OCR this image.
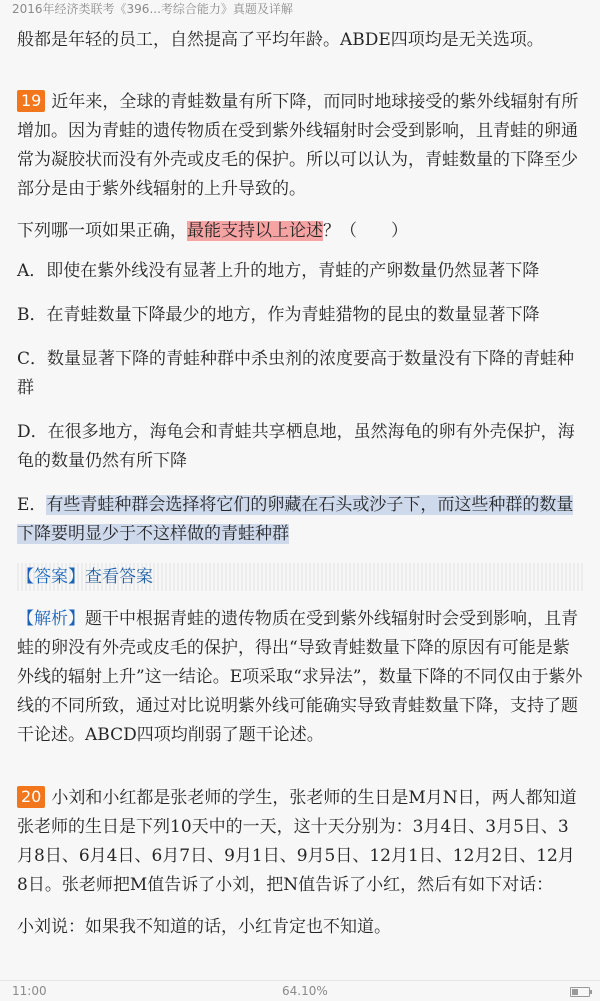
2016年经济类联考《396...考综合能力》真题及详解

般都是年轻的员工，自然提高了平均年龄。ABDE四项均是无关选项。

19 近年来，全球的青蛙数量有所下降，而同时地球接受的紫外线辐射有所增加。因为青蛙的遗传物质在受到紫外线辐射时会受到影响，且青蛙的卵通常为凝胶状而没有外壳或皮毛的保护。所以可以认为，青蛙数量的下降至少部分是由于紫外线辐射的上升导致的。

下列哪一项如果正确，最能支持以上论述？（　　）

A．即使在紫外线没有显著上升的地方，青蛙的产卵数量仍然显著下降

B．在青蛙数量下降最少的地方，作为青蛙猎物的昆虫的数量显著下降

C．数量显著下降的青蛙种群中杀虫剂的浓度要高于数量没有下降的青蛙种群

D．在很多地方，海龟会和青蛙共享栖息地，虽然海龟的卵有外壳保护，海龟的数量仍然有所下降

E．有些青蛙种群会选择将它们的卵藏在石头或沙子下，而这些种群的数量下降要明显少于不这样做的青蛙种群

【答案】查看答案

【解析】题干中根据青蛙的遗传物质在受到紫外线辐射时会受到影响，且青蛙的卵没有外壳或皮毛的保护，得出“导致青蛙数量下降的原因有可能是紫外线的辐射上升”这一结论。E项采取“求异法”，数量下降的不同仅由于紫外线的不同所致，通过对比说明紫外线可能确实导致青蛙数量下降，支持了题干论述。ABCD四项均削弱了题干论述。

20 小刘和小红都是张老师的学生，张老师的生日是M月N日，两人都知道张老师的生日是下列10天中的一天，这十天分别为：3月4日、3月5日、3月8日、6月4日、6月7日、9月1日、9月5日、12月1日、12月2日、12月8日。张老师把M值告诉了小刘，把N值告诉了小红，然后有如下对话：

小刘说：如果我不知道的话，小红肯定也不知道。

11:00	64.10%
